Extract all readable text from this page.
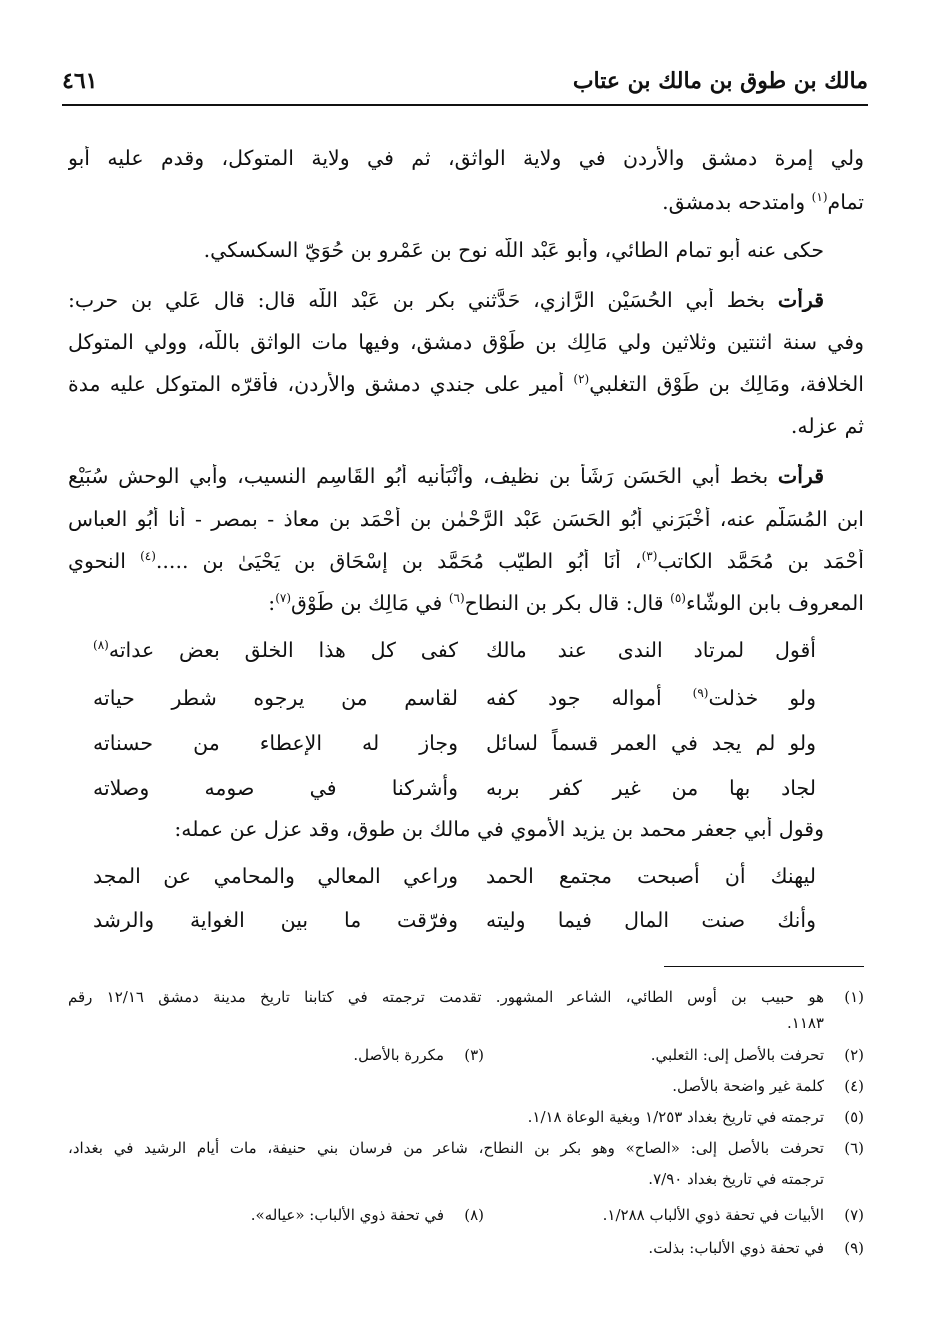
مالك بن طوق بن مالك بن عتاب
٤٦١
ولي إمرة دمشق والأردن في ولاية الواثق، ثم في ولاية المتوكل، وقدم عليه أَبو
تمام$^{(١)}$ وامتدحه بدمشق.
حكى عنه أَبو تمام الطائي، وأَبو عَبْد اللّه نوح بن عَمْرو بن حُوَيّ السكسكي.
قرأت بخط أَبي الحُسَيْن الرَّازي، حَدَّثني بكر بن عَبْد اللّه قال: قال عَلي بن حرب:
وفي سنة اثنتين وثلاثين ولي مَالِك بن طَوْق دمشق، وفيها مات الواثق باللّه، وولي المتوكل
الخلافة، ومَالِك بن طَوْق التغلبي$^{(٢)}$ أمير على جندي دمشق والأردن، فأقرّه المتوكل عليه مدة
ثم عزله.
قرأت بخط أَبي الحَسَن رَشَأ بن نظيف، وأَنْبَأنيه أَبُو القَاسِم النسيب، وأَبي الوحش سُبَيْع
ابن المُسَلّم عنه، أَخْبَرَني أَبُو الحَسَن عَبْد الرَّحْمٰن بن أَحْمَد بن معاذ - بمصر - أنا أَبُو العباس
أَحْمَد بن مُحَمَّد الكاتب$^{(٣)}$، أَنَا أَبُو الطيّب مُحَمَّد بن إِسْحَاق بن يَحْيَىٰ بن .....$^{(٤)}$ النحوي
المعروف بابن الوشّاء$^{(٥)}$ قال: قال بكر بن النطاح$^{(٦)}$ في مَالِك بن طَوْق$^{(٧)}$:
أقول لمرتاد الندى عند مالك
كفى كل هذا الخلق بعض عداته$^{(٨)}$
ولو خذلت$^{(٩)}$ أمواله جود كفه
لقاسم من يرجوه شطر حياته
ولو لم يجد في العمر قسماً لسائل
وجاز له الإعطاء من حسناته
لجاد بها من غير كفر بربه
وأشركنا في صومه وصلاته
وقول أبي جعفر محمد بن يزيد الأموي في مالك بن طوق، وقد عزل عن عمله:
ليهنك أن أصبحت مجتمع الحمد
وراعي المعالي والمحامي عن المجد
وأنك صنت المال فيما وليته
وفرّقت ما بين الغواية والرشد
(١)
هو حبيب بن أوس الطائي، الشاعر المشهور. تقدمت ترجمته في كتابنا تاريخ مدينة دمشق ١٢/١٦ رقم
١١٨٣.
(٢)
تحرفت بالأصل إلى: الثعلبي.
(٣)
مكررة بالأصل.
(٤)
كلمة غير واضحة بالأصل.
(٥)
ترجمته في تاريخ بغداد ١/٢٥٣ وبغية الوعاة ١/١٨.
(٦)
تحرفت بالأصل إلى: «الصاح» وهو بكر بن النطاح، شاعر من فرسان بني حنيفة، مات أيام الرشيد في بغداد،
ترجمته في تاريخ بغداد ٧/٩٠.
(٧)
الأبيات في تحفة ذوي الألباب ١/٢٨٨.
(٨)
في تحفة ذوي الألباب: «عياله».
(٩)
في تحفة ذوي الألباب: بذلت.
